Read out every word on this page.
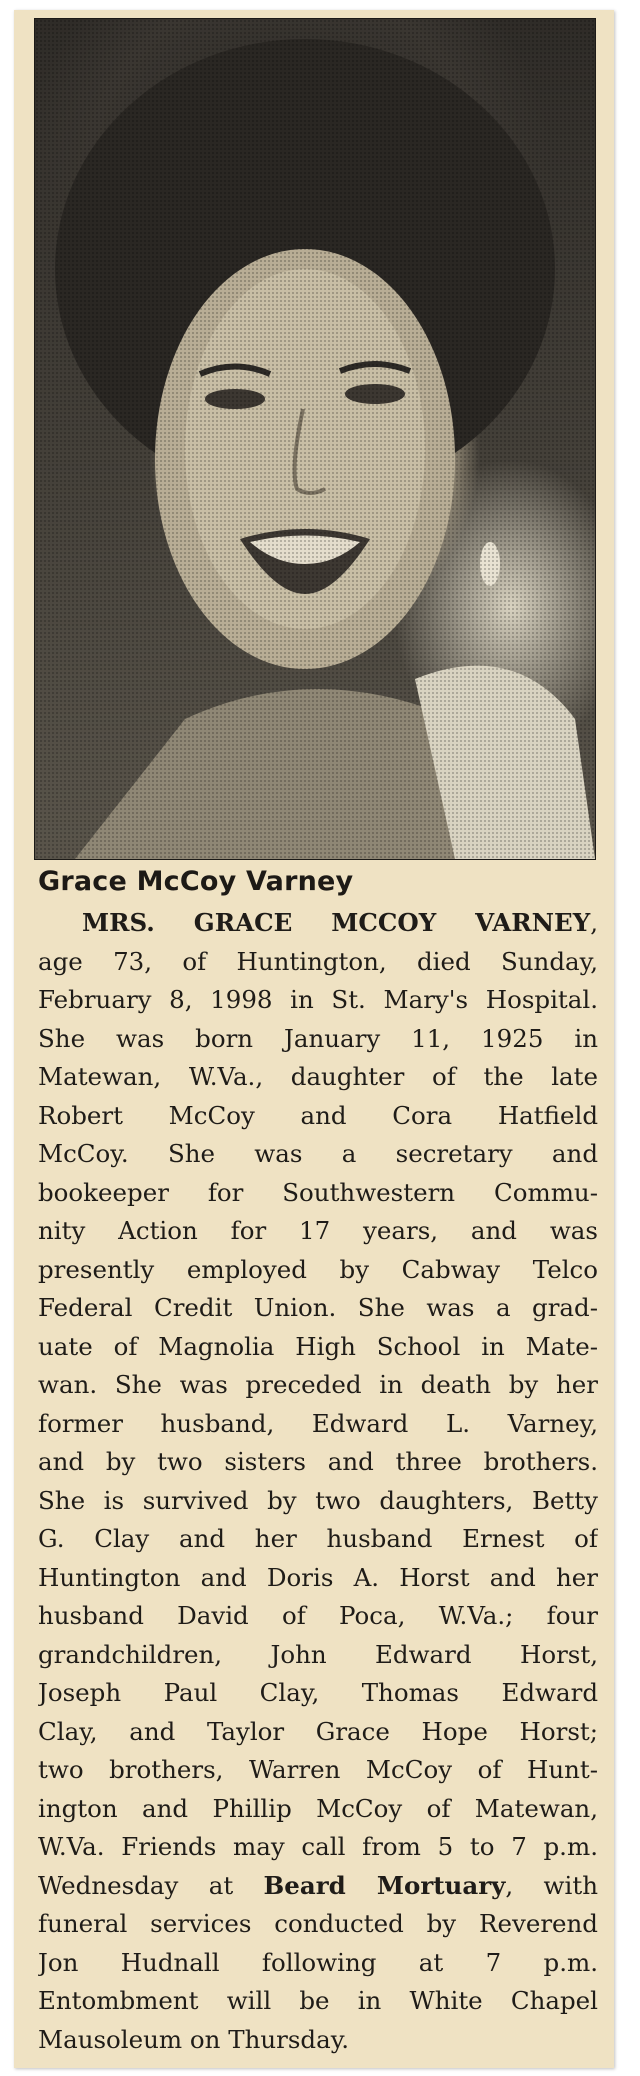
Grace McCoy Varney
MRS. GRACE MCCOY VARNEY,
age 73, of Huntington, died Sunday,
February 8, 1998 in St. Mary's Hospital.
She was born January 11, 1925 in
Matewan, W.Va., daughter of the late
Robert McCoy and Cora Hatfield
McCoy. She was a secretary and
bookeeper for Southwestern Commu-
nity Action for 17 years, and was
presently employed by Cabway Telco
Federal Credit Union. She was a grad-
uate of Magnolia High School in Mate-
wan. She was preceded in death by her
former husband, Edward L. Varney,
and by two sisters and three brothers.
She is survived by two daughters, Betty
G. Clay and her husband Ernest of
Huntington and Doris A. Horst and her
husband David of Poca, W.Va.; four
grandchildren, John Edward Horst,
Joseph Paul Clay, Thomas Edward
Clay, and Taylor Grace Hope Horst;
two brothers, Warren McCoy of Hunt-
ington and Phillip McCoy of Matewan,
W.Va. Friends may call from 5 to 7 p.m.
Wednesday at Beard Mortuary, with
funeral services conducted by Reverend
Jon Hudnall following at 7 p.m.
Entombment will be in White Chapel
Mausoleum on Thursday.
